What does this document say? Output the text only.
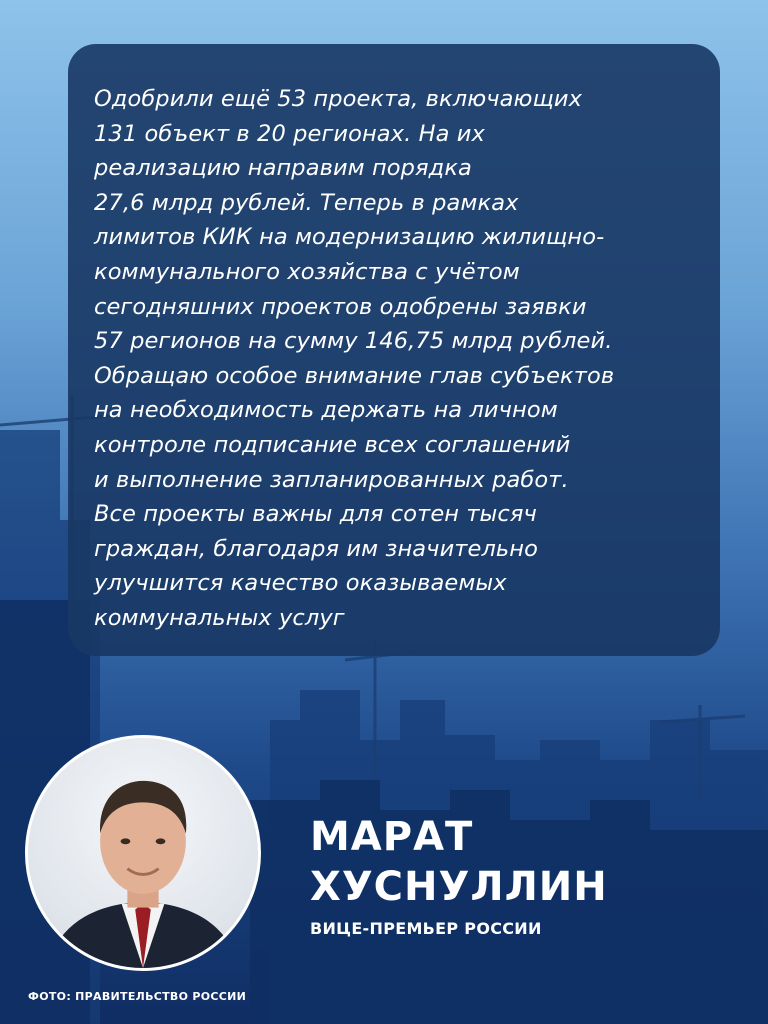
Одобрили ещё 53 проекта, включающих
131 объект в 20 регионах. На их
реализацию направим порядка
27,6 млрд рублей. Теперь в рамках
лимитов КИК на модернизацию жилищно-
коммунального хозяйства с учётом
сегодняшних проектов одобрены заявки
57 регионов на сумму 146,75 млрд рублей.
Обращаю особое внимание глав субъектов
на необходимость держать на личном
контроле подписание всех соглашений
и выполнение запланированных работ.
Все проекты важны для сотен тысяч
граждан, благодаря им значительно
улучшится качество оказываемых
коммунальных услуг

МАРАТ
ХУСНУЛЛИН
ВИЦЕ-ПРЕМЬЕР РОССИИ
ФОТО: ПРАВИТЕЛЬСТВО РОССИИ
